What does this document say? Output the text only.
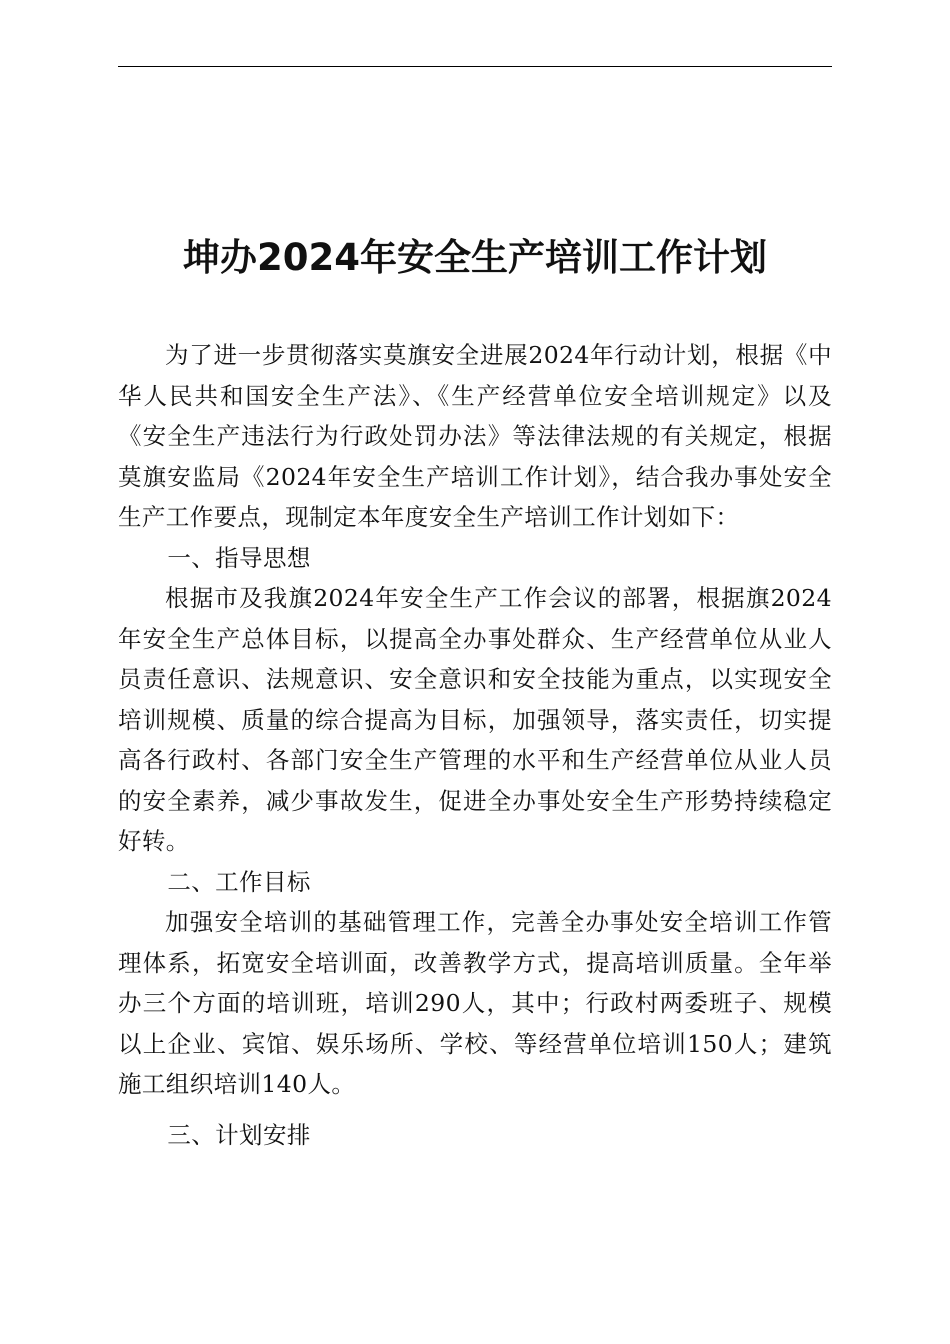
坤办2024年安全生产培训工作计划

为了进一步贯彻落实莫旗安全进展2024年行动计划，根据《中华人民共和国安全生产法》、《生产经营单位安全培训规定》以及《安全生产违法行为行政处罚办法》等法律法规的有关规定，根据莫旗安监局《2024年安全生产培训工作计划》，结合我办事处安全生产工作要点，现制定本年度安全生产培训工作计划如下：

一、指导思想

根据市及我旗2024年安全生产工作会议的部署，根据旗2024年安全生产总体目标，以提高全办事处群众、生产经营单位从业人员责任意识、法规意识、安全意识和安全技能为重点，以实现安全培训规模、质量的综合提高为目标，加强领导，落实责任，切实提高各行政村、各部门安全生产管理的水平和生产经营单位从业人员的安全素养，减少事故发生，促进全办事处安全生产形势持续稳定好转。

二、工作目标

加强安全培训的基础管理工作，完善全办事处安全培训工作管理体系，拓宽安全培训面，改善教学方式，提高培训质量。全年举办三个方面的培训班，培训290人，其中；行政村两委班子、规模以上企业、宾馆、娱乐场所、学校、等经营单位培训150人；建筑施工组织培训140人。

三、计划安排
